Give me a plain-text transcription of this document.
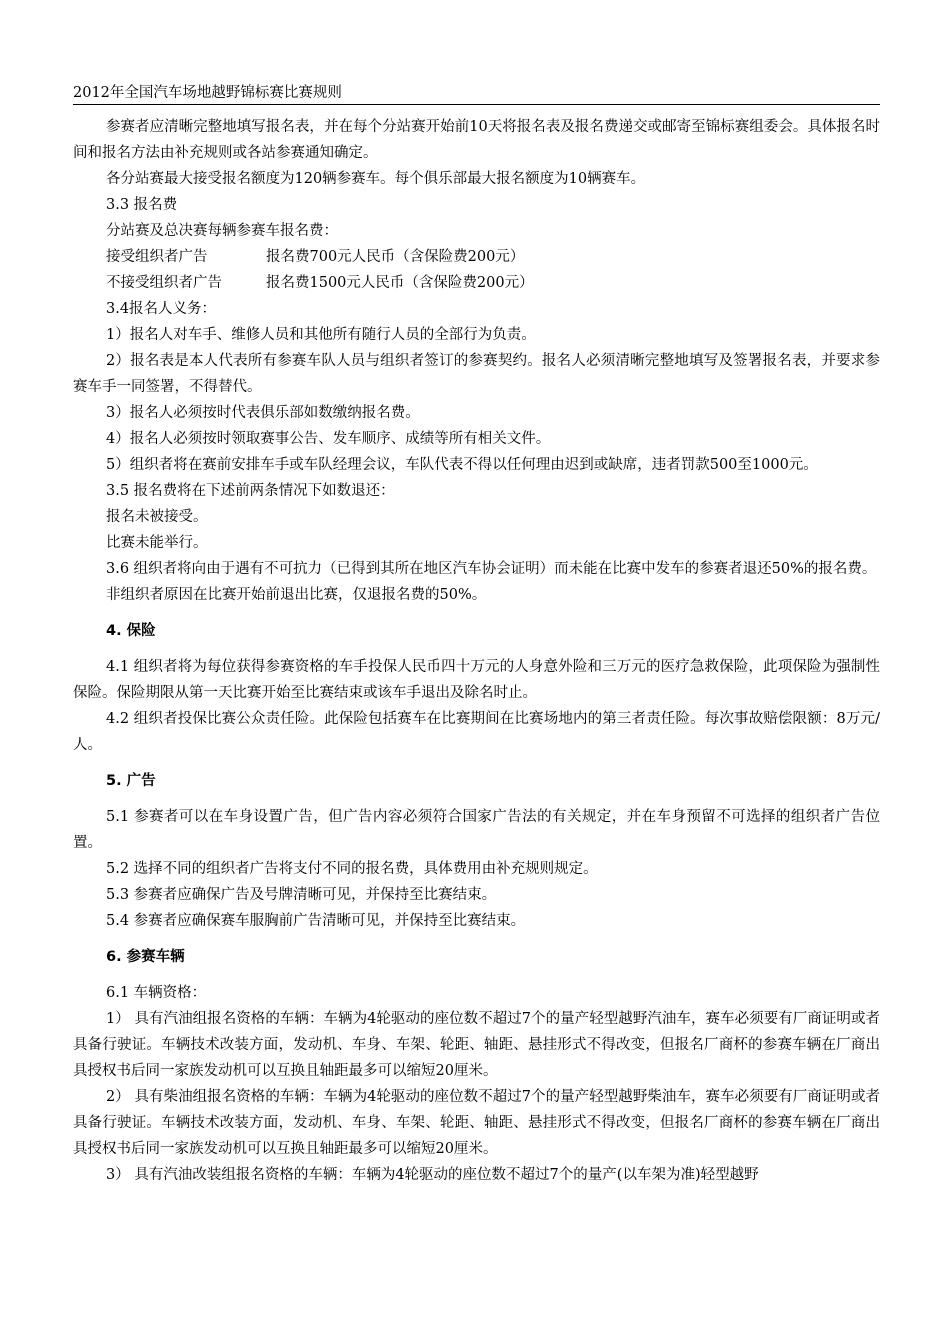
2012年全国汽车场地越野锦标赛比赛规则

参赛者应清晰完整地填写报名表，并在每个分站赛开始前10天将报名表及报名费递交或邮寄至锦标赛组委会。具体报名时间和报名方法由补充规则或各站参赛通知确定。

各分站赛最大接受报名额度为120辆参赛车。每个俱乐部最大报名额度为10辆赛车。

3.3 报名费

分站赛及总决赛每辆参赛车报名费：

接受组织者广告	报名费700元人民币（含保险费200元）
不接受组织者广告	报名费1500元人民币（含保险费200元）

3.4报名人义务：

1）报名人对车手、维修人员和其他所有随行人员的全部行为负责。

2）报名表是本人代表所有参赛车队人员与组织者签订的参赛契约。报名人必须清晰完整地填写及签署报名表，并要求参赛车手一同签署，不得替代。

3）报名人必须按时代表俱乐部如数缴纳报名费。

4）报名人必须按时领取赛事公告、发车顺序、成绩等所有相关文件。

5）组织者将在赛前安排车手或车队经理会议，车队代表不得以任何理由迟到或缺席，违者罚款500至1000元。

3.5 报名费将在下述前两条情况下如数退还：

报名未被接受。

比赛未能举行。

3.6 组织者将向由于遇有不可抗力（已得到其所在地区汽车协会证明）而未能在比赛中发车的参赛者退还50%的报名费。

非组织者原因在比赛开始前退出比赛，仅退报名费的50%。

4. 保险

4.1 组织者将为每位获得参赛资格的车手投保人民币四十万元的人身意外险和三万元的医疗急救保险，此项保险为强制性保险。保险期限从第一天比赛开始至比赛结束或该车手退出及除名时止。

4.2 组织者投保比赛公众责任险。此保险包括赛车在比赛期间在比赛场地内的第三者责任险。每次事故赔偿限额：8万元/人。

5. 广告

5.1 参赛者可以在车身设置广告，但广告内容必须符合国家广告法的有关规定，并在车身预留不可选择的组织者广告位置。

5.2 选择不同的组织者广告将支付不同的报名费，具体费用由补充规则规定。

5.3 参赛者应确保广告及号牌清晰可见，并保持至比赛结束。

5.4 参赛者应确保赛车服胸前广告清晰可见，并保持至比赛结束。

6. 参赛车辆

6.1 车辆资格：

1） 具有汽油组报名资格的车辆：车辆为4轮驱动的座位数不超过7个的量产轻型越野汽油车，赛车必须要有厂商证明或者具备行驶证。车辆技术改装方面，发动机、车身、车架、轮距、轴距、悬挂形式不得改变，但报名厂商杯的参赛车辆在厂商出具授权书后同一家族发动机可以互换且轴距最多可以缩短20厘米。

2） 具有柴油组报名资格的车辆：车辆为4轮驱动的座位数不超过7个的量产轻型越野柴油车，赛车必须要有厂商证明或者具备行驶证。车辆技术改装方面，发动机、车身、车架、轮距、轴距、悬挂形式不得改变，但报名厂商杯的参赛车辆在厂商出具授权书后同一家族发动机可以互换且轴距最多可以缩短20厘米。

3） 具有汽油改装组报名资格的车辆：车辆为4轮驱动的座位数不超过7个的量产(以车架为准)轻型越野
